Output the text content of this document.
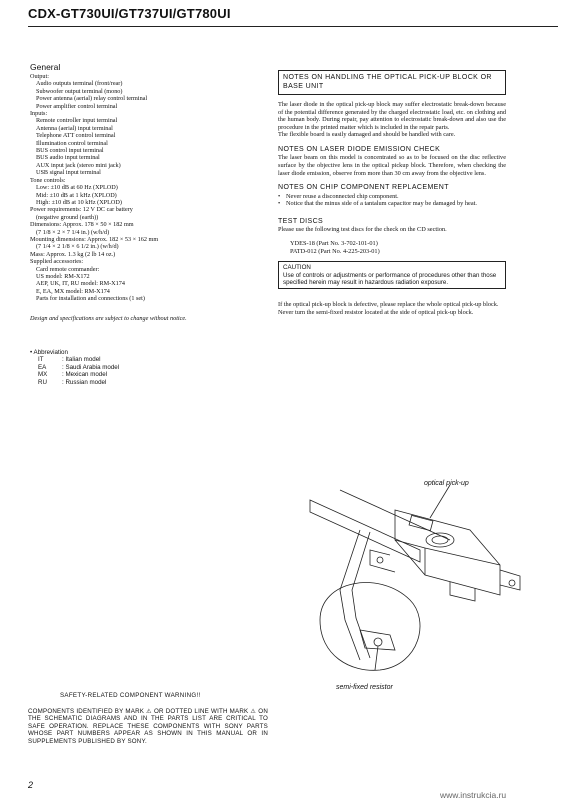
CDX-GT730UI/GT737UI/GT780UI
General
Output:
Audio outputs terminal (front/rear)
Subwoofer output terminal (mono)
Power antenna (aerial) relay control terminal
Power amplifier control terminal
Inputs:
Remote controller input terminal
Antenna (aerial) input terminal
Telephone ATT control terminal
Illumination control terminal
BUS control input terminal
BUS audio input terminal
AUX input jack (stereo mini jack)
USB signal input terminal
Tone controls:
Low: ±10 dB at 60 Hz (XPLOD)
Mid: ±10 dB at 1 kHz (XPLOD)
High: ±10 dB at 10 kHz (XPLOD)
Power requirements: 12 V DC car battery
(negative ground (earth))
Dimensions: Approx. 178 × 50 × 182 mm
(7 1/8 × 2 × 7 1/4 in.) (w/h/d)
Mounting dimensions: Approx. 182 × 53 × 162 mm
(7 1/4 × 2 1/8 × 6 1/2 in.) (w/h/d)
Mass: Approx. 1.3 kg (2 lb 14 oz.)
Supplied accessories:
Card remote commander:
US model: RM-X172
AEP, UK, IT, RU model: RM-X174
E, EA, MX model: RM-X174
Parts for installation and connections (1 set)
Design and specifications are subject to change without notice.
• Abbreviation
IT	: Italian model
EA	: Saudi Arabia model
MX	: Mexican model
RU	: Russian model
NOTES ON HANDLING THE OPTICAL PICK-UP BLOCK OR BASE UNIT
The laser diode in the optical pick-up block may suffer electrostatic break-down because of the potential difference generated by the charged electrostatic load, etc. on clothing and the human body. During repair, pay attention to electrostatic break-down and also use the procedure in the printed matter which is included in the repair parts.
The flexible board is easily damaged and should be handled with care.
NOTES ON LASER DIODE EMISSION CHECK
The laser beam on this model is concentrated so as to be focused on the disc reflective surface by the objective lens in the optical pickup block. Therefore, when checking the laser diode emission, observe from more than 30 cm away from the objective lens.
NOTES ON CHIP COMPONENT REPLACEMENT
• Never reuse a disconnected chip component.
• Notice that the minus side of a tantalum capacitor may be damaged by heat.
TEST DISCS
Please use the following test discs for the check on the CD section.
YDES-18 (Part No. 3-702-101-01)
PATD-012 (Part No. 4-225-203-01)
CAUTION
Use of controls or adjustments or performance of procedures other than those specified herein may result in hazardous radiation exposure.
If the optical pick-up block is defective, please replace the whole optical pick-up block.
Never turn the semi-fixed resistor located at the side of optical pick-up block.
optical pick-up
semi-fixed resistor
SAFETY-RELATED COMPONENT WARNING!!
COMPONENTS IDENTIFIED BY MARK ⚠ OR DOTTED LINE WITH MARK ⚠ ON THE SCHEMATIC DIAGRAMS AND IN THE PARTS LIST ARE CRITICAL TO SAFE OPERATION. REPLACE THESE COMPONENTS WITH SONY PARTS WHOSE PART NUMBERS APPEAR AS SHOWN IN THIS MANUAL OR IN SUPPLEMENTS PUBLISHED BY SONY.
2
www.instrukcia.ru
